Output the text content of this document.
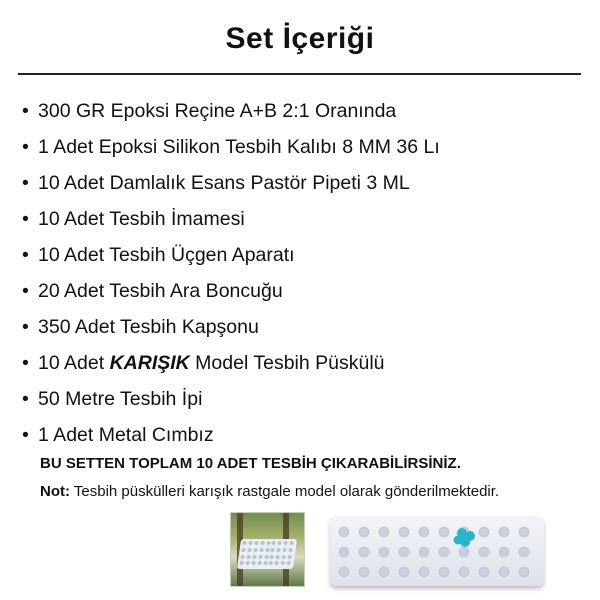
Set İçeriği
• 300 GR Epoksi Reçine A+B 2:1 Oranında
• 1 Adet Epoksi Silikon Tesbih Kalıbı 8 MM 36 Lı
• 10 Adet Damlalık Esans Pastör Pipeti 3 ML
• 10 Adet Tesbih İmamesi
• 10 Adet Tesbih Üçgen Aparatı
• 20 Adet Tesbih Ara Boncuğu
• 350 Adet Tesbih Kapşonu
• 10 Adet KARIŞIK Model Tesbih Püskülü
• 50 Metre Tesbih İpi
• 1 Adet Metal Cımbız
BU SETTEN TOPLAM 10 ADET TESBİH ÇIKARABİLİRSİNİZ.
Not: Tesbih püskülleri karışık rastgale model olarak gönderilmektedir.
